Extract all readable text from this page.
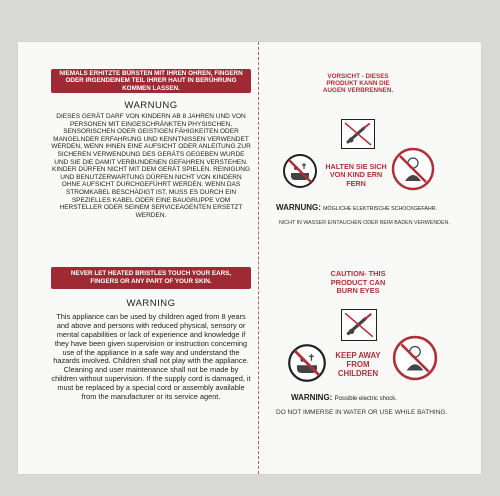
NIEMALS ERHITZTE BÜRSTEN MIT IHREN OHREN, FINGERN ODER IRGENDEINEM TEIL IHRER HAUT IN BERÜHRUNG KOMMEN LASSEN.
WARNUNG
DIESES GERÄT DARF VON KINDERN AB 8 JAHREN UND VON PERSONEN MIT EINGESCHRÄNKTEN PHYSISCHEN, SENSORISCHEN ODER GEISTIGEN FÄHIGKEITEN ODER MANGELNDER ERFAHRUNG UND KENNTNISSEN VERWENDET WERDEN, WENN IHNEN EINE AUFSICHT ODER ANLEITUNG ZUR SICHEREN VERWENDUNG DES GERÄTS GEGEBEN WURDE UND SIE DIE DAMIT VERBUNDENEN GEFAHREN VERSTEHEN. KINDER DÜRFEN NICHT MIT DEM GERÄT SPIELEN. REINIGUNG UND BENUTZERWARTUNG DÜRFEN NICHT VON KINDERN OHNE AUFSICHT DURCHGEFÜHRT WERDEN. WENN DAS STROMKABEL BESCHÄDIGT IST, MUSS ES DURCH EIN SPEZIELLES KABEL ODER EINE BAUGRUPPE VOM HERSTELLER ODER SEINEM SERVICEAGENTEN ERSETZT WERDEN.
NEVER LET HEATED BRISTLES TOUCH YOUR EARS, FINGERS OR ANY PART OF YOUR SKIN.
WARNING
This appliance can be used by children aged from 8 years and above and persons with reduced physical, sensory or mental capabilities or lack of experience and knowledge if they have been given supervision or instruction concerning use of the appliance in a safe way and understand the hazards involved. Children shall not play with the appliance. Cleaning and user maintenance shall not be made by children without supervision. If the supply cord is damaged, it must be replaced by a special cord or assembly available from the manufacturer or its service agent.
VORSICHT - DIESES PRODUKT KANN DIE AUGEN VERBRENNEN.
HALTEN SIE SICH VON KIND ERN FERN
WARNUNG: MÖGLICHE ELEKTRISCHE SCHOCKGEFAHR.
NICHT IN WASSER EINTAUCHEN ODER BEIM BADEN VERWENDEN.
CAUTION- THIS PRODUCT CAN BURN EYES
KEEP AWAY FROM CHILDREN
WARNING: Possible electric shock.
DO NOT IMMERSE IN WATER OR USE WHILE BATHING.
